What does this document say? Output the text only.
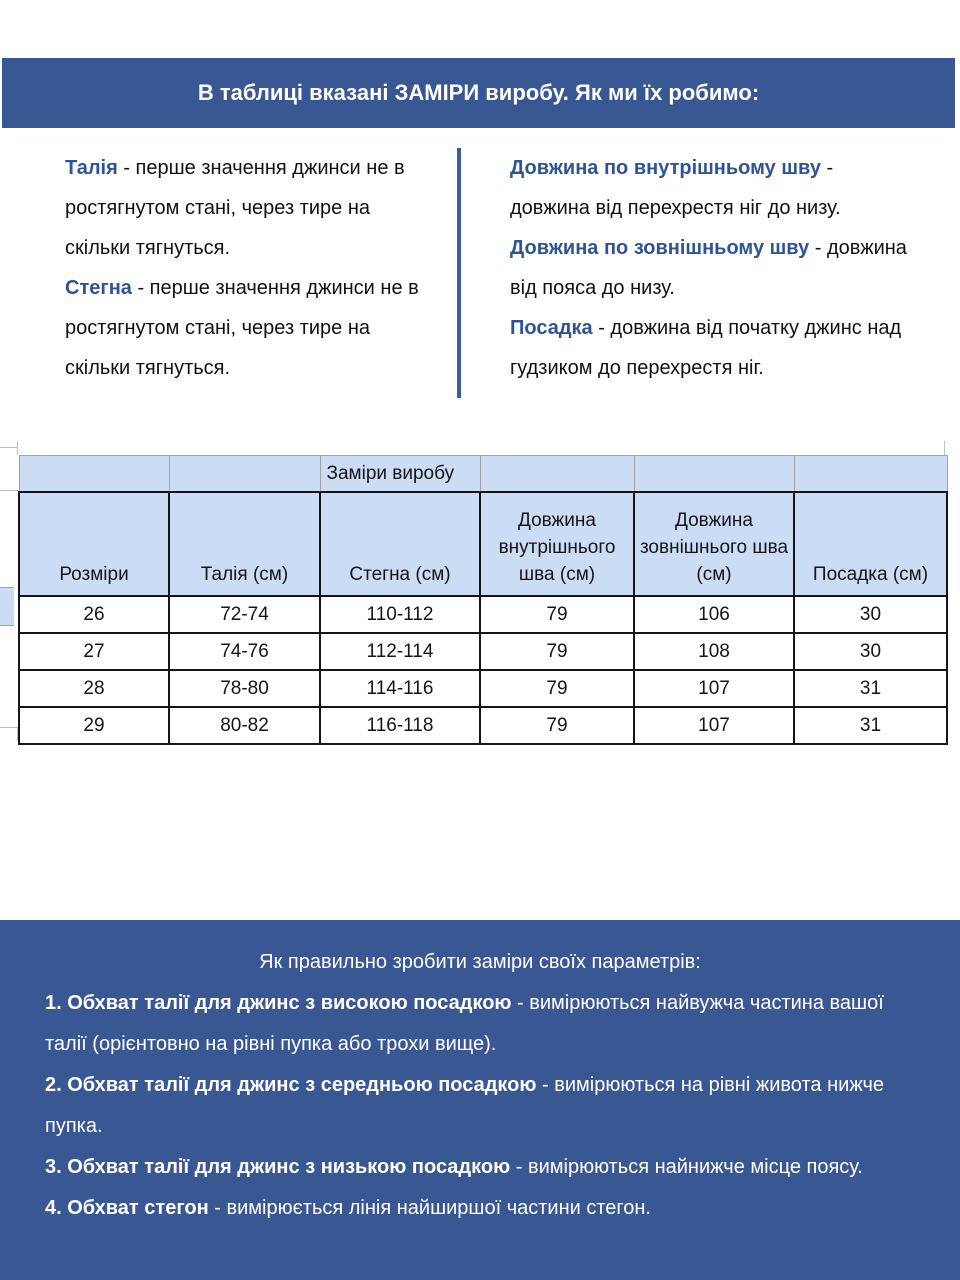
В таблиці вказані ЗАМІРИ виробу. Як ми їх робимо:

Талія - перше значення джинси не в ростягнутом стані, через тире на скільки тягнуться.

Стегна - перше значення джинси не в ростягнутом стані, через тире на скільки тягнуться.

Довжина по внутрішньому шву - довжина від перехрестя ніг до низу.

Довжина по зовнішньому шву - довжина від пояса до низу.

Посадка - довжина від початку джинс над гудзиком до перехрестя ніг.

		Заміри виробу			
Розміри	Талія (см)	Стегна (см)	Довжина внутрішнього шва (см)	Довжина зовнішнього шва (см)	Посадка (см)
26	72-74	110-112	79	106	30
27	74-76	112-114	79	108	30
28	78-80	114-116	79	107	31
29	80-82	116-118	79	107	31

Як правильно зробити заміри своїх параметрів:

1. Обхват талії для джинс з високою посадкою - вимірюються найвужча частина вашої талії (орієнтовно на рівні пупка або трохи вище).

2. Обхват талії для джинс з середньою посадкою - вимірюються на рівні живота нижче пупка.

3. Обхват талії для джинс з низькою посадкою - вимірюються найнижче місце поясу.

4. Обхват стегон - вимірюється лінія найширшої частини стегон.
